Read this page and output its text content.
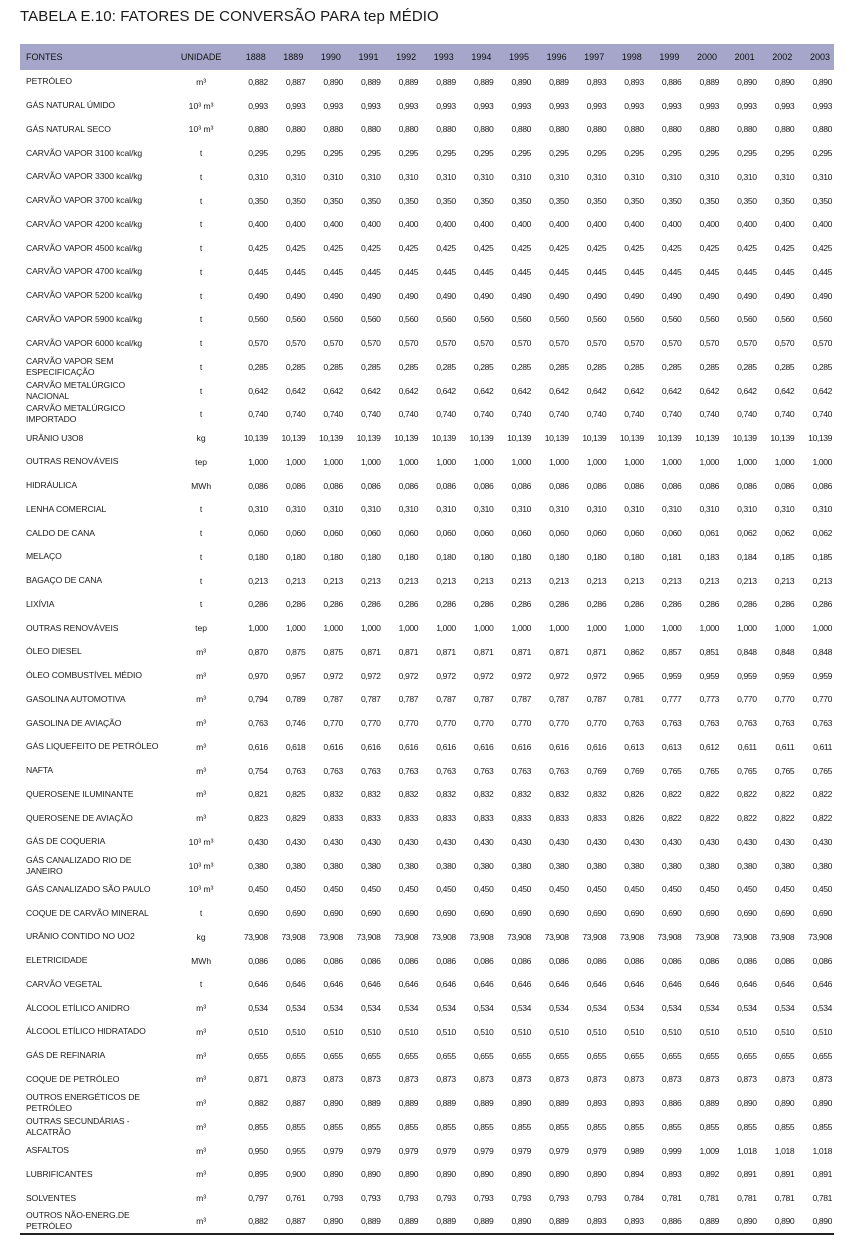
TABELA E.10: FATORES DE CONVERSÃO PARA tep MÉDIO
FONTES	UNIDADE	1888	1889	1990	1991	1992	1993	1994	1995	1996	1997	1998	1999	2000	2001	2002	2003
PETRÓLEO	m³	0,882	0,887	0,890	0,889	0,889	0,889	0,889	0,890	0,889	0,893	0,893	0,886	0,889	0,890	0,890	0,890
GÁS NATURAL ÚMIDO	10³ m³	0,993	0,993	0,993	0,993	0,993	0,993	0,993	0,993	0,993	0,993	0,993	0,993	0,993	0,993	0,993	0,993
GÁS NATURAL SECO	10³ m³	0,880	0,880	0,880	0,880	0,880	0,880	0,880	0,880	0,880	0,880	0,880	0,880	0,880	0,880	0,880	0,880
CARVÃO VAPOR 3100 kcal/kg	t	0,295	0,295	0,295	0,295	0,295	0,295	0,295	0,295	0,295	0,295	0,295	0,295	0,295	0,295	0,295	0,295
CARVÃO VAPOR 3300 kcal/kg	t	0,310	0,310	0,310	0,310	0,310	0,310	0,310	0,310	0,310	0,310	0,310	0,310	0,310	0,310	0,310	0,310
CARVÃO VAPOR 3700 kcal/kg	t	0,350	0,350	0,350	0,350	0,350	0,350	0,350	0,350	0,350	0,350	0,350	0,350	0,350	0,350	0,350	0,350
CARVÃO VAPOR 4200 kcal/kg	t	0,400	0,400	0,400	0,400	0,400	0,400	0,400	0,400	0,400	0,400	0,400	0,400	0,400	0,400	0,400	0,400
CARVÃO VAPOR 4500 kcal/kg	t	0,425	0,425	0,425	0,425	0,425	0,425	0,425	0,425	0,425	0,425	0,425	0,425	0,425	0,425	0,425	0,425
CARVÃO VAPOR 4700 kcal/kg	t	0,445	0,445	0,445	0,445	0,445	0,445	0,445	0,445	0,445	0,445	0,445	0,445	0,445	0,445	0,445	0,445
CARVÃO VAPOR 5200 kcal/kg	t	0,490	0,490	0,490	0,490	0,490	0,490	0,490	0,490	0,490	0,490	0,490	0,490	0,490	0,490	0,490	0,490
CARVÃO VAPOR 5900 kcal/kg	t	0,560	0,560	0,560	0,560	0,560	0,560	0,560	0,560	0,560	0,560	0,560	0,560	0,560	0,560	0,560	0,560
CARVÃO VAPOR 6000 kcal/kg	t	0,570	0,570	0,570	0,570	0,570	0,570	0,570	0,570	0,570	0,570	0,570	0,570	0,570	0,570	0,570	0,570
CARVÃO VAPOR SEM ESPECIFICAÇÃO	t	0,285	0,285	0,285	0,285	0,285	0,285	0,285	0,285	0,285	0,285	0,285	0,285	0,285	0,285	0,285	0,285
CARVÃO METALÚRGICO NACIONAL	t	0,642	0,642	0,642	0,642	0,642	0,642	0,642	0,642	0,642	0,642	0,642	0,642	0,642	0,642	0,642	0,642
CARVÃO METALÚRGICO IMPORTADO	t	0,740	0,740	0,740	0,740	0,740	0,740	0,740	0,740	0,740	0,740	0,740	0,740	0,740	0,740	0,740	0,740
URÂNIO U3O8	kg	10,139	10,139	10,139	10,139	10,139	10,139	10,139	10,139	10,139	10,139	10,139	10,139	10,139	10,139	10,139	10,139
OUTRAS RENOVÁVEIS	tep	1,000	1,000	1,000	1,000	1,000	1,000	1,000	1,000	1,000	1,000	1,000	1,000	1,000	1,000	1,000	1,000
HIDRÁULICA	MWh	0,086	0,086	0,086	0,086	0,086	0,086	0,086	0,086	0,086	0,086	0,086	0,086	0,086	0,086	0,086	0,086
LENHA COMERCIAL	t	0,310	0,310	0,310	0,310	0,310	0,310	0,310	0,310	0,310	0,310	0,310	0,310	0,310	0,310	0,310	0,310
CALDO DE CANA	t	0,060	0,060	0,060	0,060	0,060	0,060	0,060	0,060	0,060	0,060	0,060	0,060	0,061	0,062	0,062	0,062
MELAÇO	t	0,180	0,180	0,180	0,180	0,180	0,180	0,180	0,180	0,180	0,180	0,180	0,181	0,183	0,184	0,185	0,185
BAGAÇO DE CANA	t	0,213	0,213	0,213	0,213	0,213	0,213	0,213	0,213	0,213	0,213	0,213	0,213	0,213	0,213	0,213	0,213
LIXÍVIA	t	0,286	0,286	0,286	0,286	0,286	0,286	0,286	0,286	0,286	0,286	0,286	0,286	0,286	0,286	0,286	0,286
OUTRAS RENOVÁVEIS	tep	1,000	1,000	1,000	1,000	1,000	1,000	1,000	1,000	1,000	1,000	1,000	1,000	1,000	1,000	1,000	1,000
ÓLEO DIESEL	m³	0,870	0,875	0,875	0,871	0,871	0,871	0,871	0,871	0,871	0,871	0,862	0,857	0,851	0,848	0,848	0,848
ÓLEO COMBUSTÍVEL MÉDIO	m³	0,970	0,957	0,972	0,972	0,972	0,972	0,972	0,972	0,972	0,972	0,965	0,959	0,959	0,959	0,959	0,959
GASOLINA AUTOMOTIVA	m³	0,794	0,789	0,787	0,787	0,787	0,787	0,787	0,787	0,787	0,787	0,781	0,777	0,773	0,770	0,770	0,770
GASOLINA DE AVIAÇÃO	m³	0,763	0,746	0,770	0,770	0,770	0,770	0,770	0,770	0,770	0,770	0,763	0,763	0,763	0,763	0,763	0,763
GÁS LIQUEFEITO DE PETRÓLEO	m³	0,616	0,618	0,616	0,616	0,616	0,616	0,616	0,616	0,616	0,616	0,613	0,613	0,612	0,611	0,611	0,611
NAFTA	m³	0,754	0,763	0,763	0,763	0,763	0,763	0,763	0,763	0,763	0,769	0,769	0,765	0,765	0,765	0,765	0,765
QUEROSENE ILUMINANTE	m³	0,821	0,825	0,832	0,832	0,832	0,832	0,832	0,832	0,832	0,832	0,826	0,822	0,822	0,822	0,822	0,822
QUEROSENE DE AVIAÇÃO	m³	0,823	0,829	0,833	0,833	0,833	0,833	0,833	0,833	0,833	0,833	0,826	0,822	0,822	0,822	0,822	0,822
GÁS DE COQUERIA	10³ m³	0,430	0,430	0,430	0,430	0,430	0,430	0,430	0,430	0,430	0,430	0,430	0,430	0,430	0,430	0,430	0,430
GÁS CANALIZADO RIO DE JANEIRO	10³ m³	0,380	0,380	0,380	0,380	0,380	0,380	0,380	0,380	0,380	0,380	0,380	0,380	0,380	0,380	0,380	0,380
GÁS CANALIZADO SÃO PAULO	10³ m³	0,450	0,450	0,450	0,450	0,450	0,450	0,450	0,450	0,450	0,450	0,450	0,450	0,450	0,450	0,450	0,450
COQUE DE CARVÃO MINERAL	t	0,690	0,690	0,690	0,690	0,690	0,690	0,690	0,690	0,690	0,690	0,690	0,690	0,690	0,690	0,690	0,690
URÂNIO CONTIDO NO UO2	kg	73,908	73,908	73,908	73,908	73,908	73,908	73,908	73,908	73,908	73,908	73,908	73,908	73,908	73,908	73,908	73,908
ELETRICIDADE	MWh	0,086	0,086	0,086	0,086	0,086	0,086	0,086	0,086	0,086	0,086	0,086	0,086	0,086	0,086	0,086	0,086
CARVÃO VEGETAL	t	0,646	0,646	0,646	0,646	0,646	0,646	0,646	0,646	0,646	0,646	0,646	0,646	0,646	0,646	0,646	0,646
ÁLCOOL ETÍLICO ANIDRO	m³	0,534	0,534	0,534	0,534	0,534	0,534	0,534	0,534	0,534	0,534	0,534	0,534	0,534	0,534	0,534	0,534
ÁLCOOL ETÍLICO HIDRATADO	m³	0,510	0,510	0,510	0,510	0,510	0,510	0,510	0,510	0,510	0,510	0,510	0,510	0,510	0,510	0,510	0,510
GÁS DE REFINARIA	m³	0,655	0,655	0,655	0,655	0,655	0,655	0,655	0,655	0,655	0,655	0,655	0,655	0,655	0,655	0,655	0,655
COQUE DE PETRÓLEO	m³	0,871	0,873	0,873	0,873	0,873	0,873	0,873	0,873	0,873	0,873	0,873	0,873	0,873	0,873	0,873	0,873
OUTROS ENERGÉTICOS DE PETRÓLEO	m³	0,882	0,887	0,890	0,889	0,889	0,889	0,889	0,890	0,889	0,893	0,893	0,886	0,889	0,890	0,890	0,890
OUTRAS SECUNDÁRIAS - ALCATRÃO	m³	0,855	0,855	0,855	0,855	0,855	0,855	0,855	0,855	0,855	0,855	0,855	0,855	0,855	0,855	0,855	0,855
ASFALTOS	m³	0,950	0,955	0,979	0,979	0,979	0,979	0,979	0,979	0,979	0,979	0,989	0,999	1,009	1,018	1,018	1,018
LUBRIFICANTES	m³	0,895	0,900	0,890	0,890	0,890	0,890	0,890	0,890	0,890	0,890	0,894	0,893	0,892	0,891	0,891	0,891
SOLVENTES	m³	0,797	0,761	0,793	0,793	0,793	0,793	0,793	0,793	0,793	0,793	0,784	0,781	0,781	0,781	0,781	0,781
OUTROS NÃO-ENERG.DE PETRÓLEO	m³	0,882	0,887	0,890	0,889	0,889	0,889	0,889	0,890	0,889	0,893	0,893	0,886	0,889	0,890	0,890	0,890
